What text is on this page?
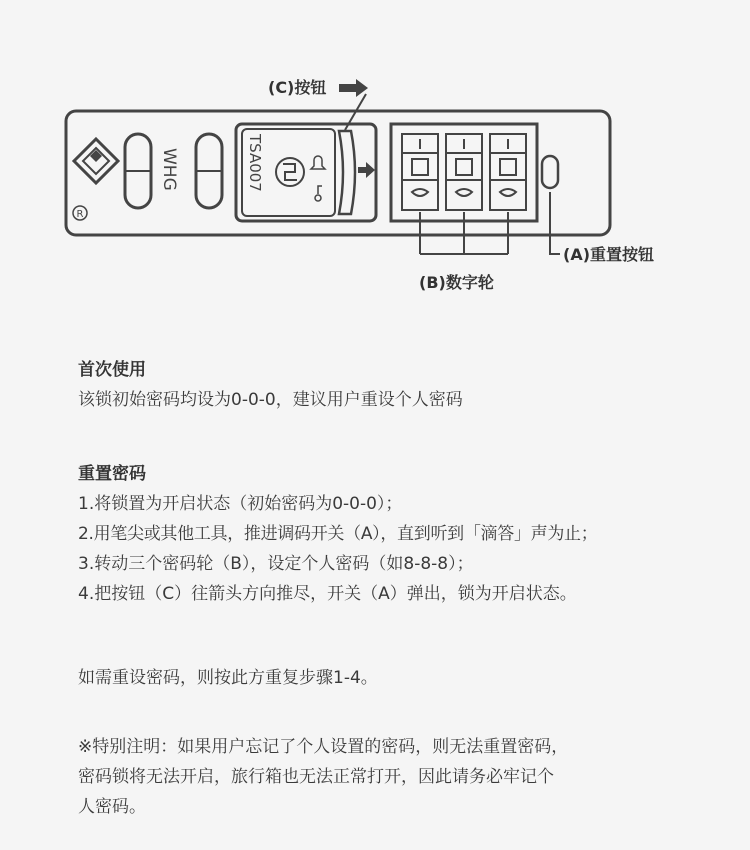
R
WHG	TSA007
(C)按钮
(A)重置按钮
(B)数字轮
首次使用
该锁初始密码均设为0-0-0，建议用户重设个人密码
重置密码
1.将锁置为开启状态（初始密码为0-0-0）；
2.用笔尖或其他工具，推进调码开关（A），直到听到「滴答」声为止；
3.转动三个密码轮（B），设定个人密码（如8-8-8）；
4.把按钮（C）往箭头方向推尽，开关（A）弹出，锁为开启状态。
如需重设密码，则按此方重复步骤1-4。
※特别注明：如果用户忘记了个人设置的密码，则无法重置密码，
密码锁将无法开启，旅行箱也无法正常打开，因此请务必牢记个
人密码。
